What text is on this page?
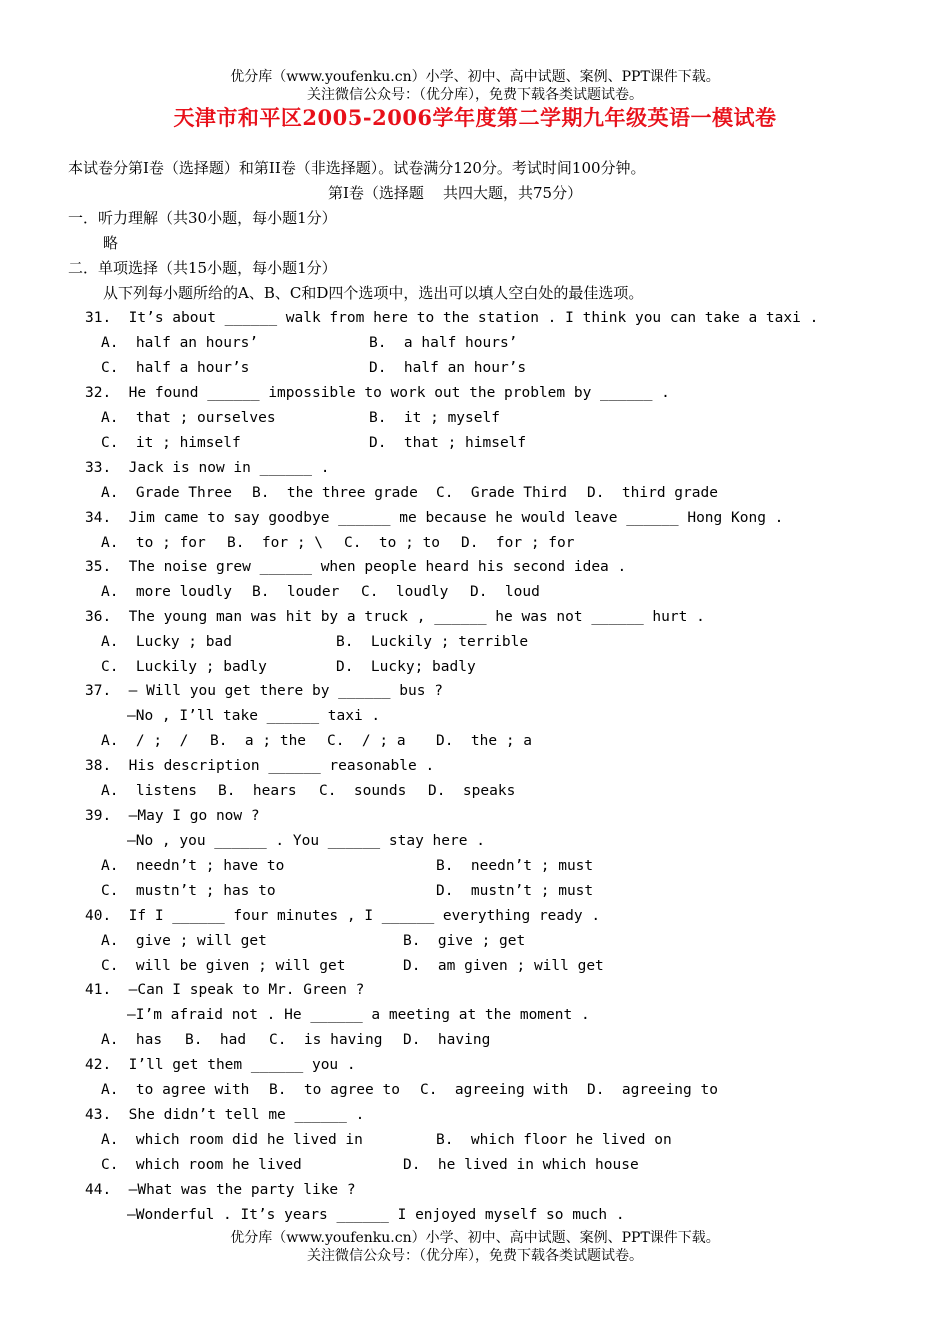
优分库（www.youfenku.cn）小学、初中、高中试题、案例、PPT课件下载。
关注微信公众号：（优分库），免费下载各类试题试卷。
天津市和平区2005-2006学年度第二学期九年级英语一模试卷
本试卷分第I卷（选择题）和第II卷（非选择题）。试卷满分120分。考试时间100分钟。
第I卷（选择题    共四大题，共75分）
一．听力理解（共30小题，每小题1分）
略
二．单项选择（共15小题，每小题1分）
从下列每小题所给的A、B、C和D四个选项中，选出可以填人空白处的最佳选项。
31.  It’s about ______ walk from here to the station . I think you can take a taxi .
A.  half an hours’	B.  a half hours’
C.  half a hour’s	D.  half an hour’s
32.  He found ______ impossible to work out the problem by ______ .
A.  that ; ourselves	B.  it ; myself
C.  it ; himself	D.  that ; himself
33.  Jack is now in ______ .
A.  Grade Three B.  the three grade C.  Grade Third D.  third grade
34.  Jim came to say goodbye ______ me because he would leave ______ Hong Kong .
A.  to ; for B.  for ; \ C.  to ; to D.  for ; for
35.  The noise grew ______ when people heard his second idea .
A.  more loudly B.  louder C.  loudly D.  loud
36.  The young man was hit by a truck , ______ he was not ______ hurt .
A.  Lucky ; bad	B.  Luckily ; terrible
C.  Luckily ; badly	D.  Lucky; badly
37.  — Will you get there by ______ bus ?
—No , I’ll take ______ taxi .
A.  / ;  / B.  a ; the C.  / ; a D.  the ; a
38.  His description ______ reasonable .
A.  listens B.  hears C.  sounds D.  speaks
39.  —May I go now ?
—No , you ______ . You ______ stay here .
A.  needn’t ; have to	B.  needn’t ; must
C.  mustn’t ; has to	D.  mustn’t ; must
40.  If I ______ four minutes , I ______ everything ready .
A.  give ; will get	B.  give ; get
C.  will be given ; will get	D.  am given ; will get
41.  —Can I speak to Mr. Green ?
—I’m afraid not . He ______ a meeting at the moment .
A.  has B.  had C.  is having D.  having
42.  I’ll get them ______ you .
A.  to agree with B.  to agree to C.  agreeing with D.  agreeing to
43.  She didn’t tell me ______ .
A.  which room did he lived in	B.  which floor he lived on
C.  which room he lived	D.  he lived in which house
44.  —What was the party like ?
—Wonderful . It’s years ______ I enjoyed myself so much .
优分库（www.youfenku.cn）小学、初中、高中试题、案例、PPT课件下载。
关注微信公众号：（优分库），免费下载各类试题试卷。
